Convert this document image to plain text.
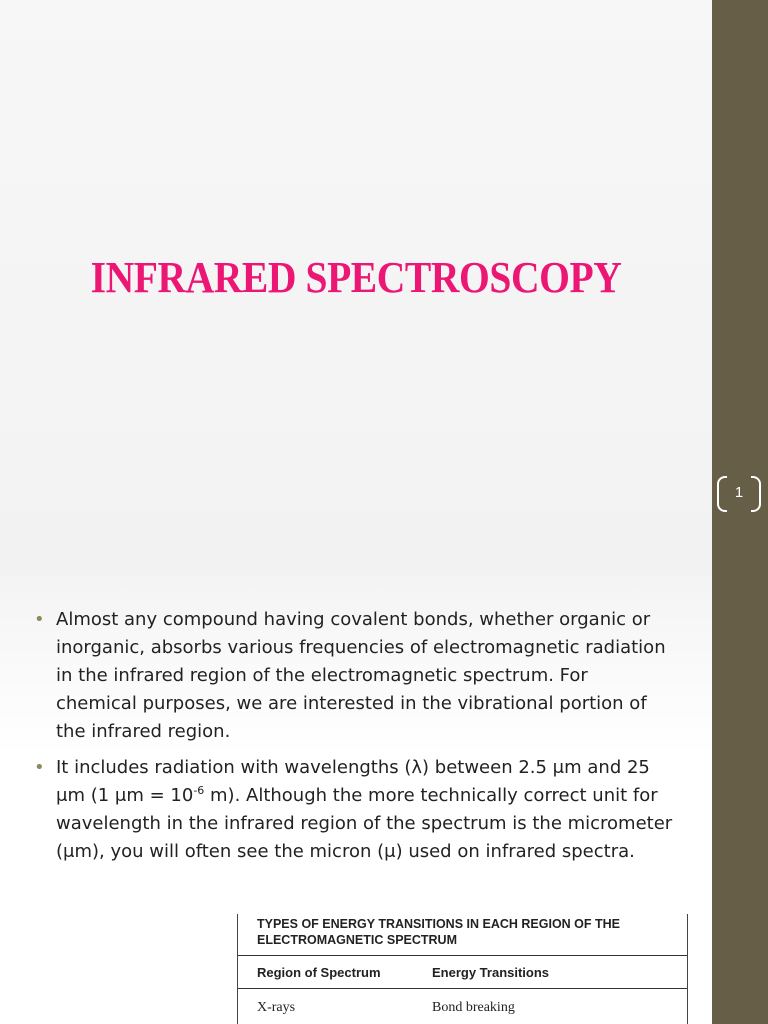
INFRARED SPECTROSCOPY
1
• Almost any compound having covalent bonds, whether organic or inorganic, absorbs various frequencies of electromagnetic radiation in the infrared region of the electromagnetic spectrum. For chemical purposes, we are interested in the vibrational portion of the infrared region.
• It includes radiation with wavelengths (λ) between 2.5 μm and 25 μm (1 $\mu m = 10^{-6}$ m). Although the more technically correct unit for wavelength in the infrared region of the spectrum is the micrometer (μm), you will often see the micron (μ) used on infrared spectra.
TYPES OF ENERGY TRANSITIONS IN EACH REGION OF THE ELECTROMAGNETIC SPECTRUM
Region of Spectrum	Energy Transitions
X-rays	Bond breaking
